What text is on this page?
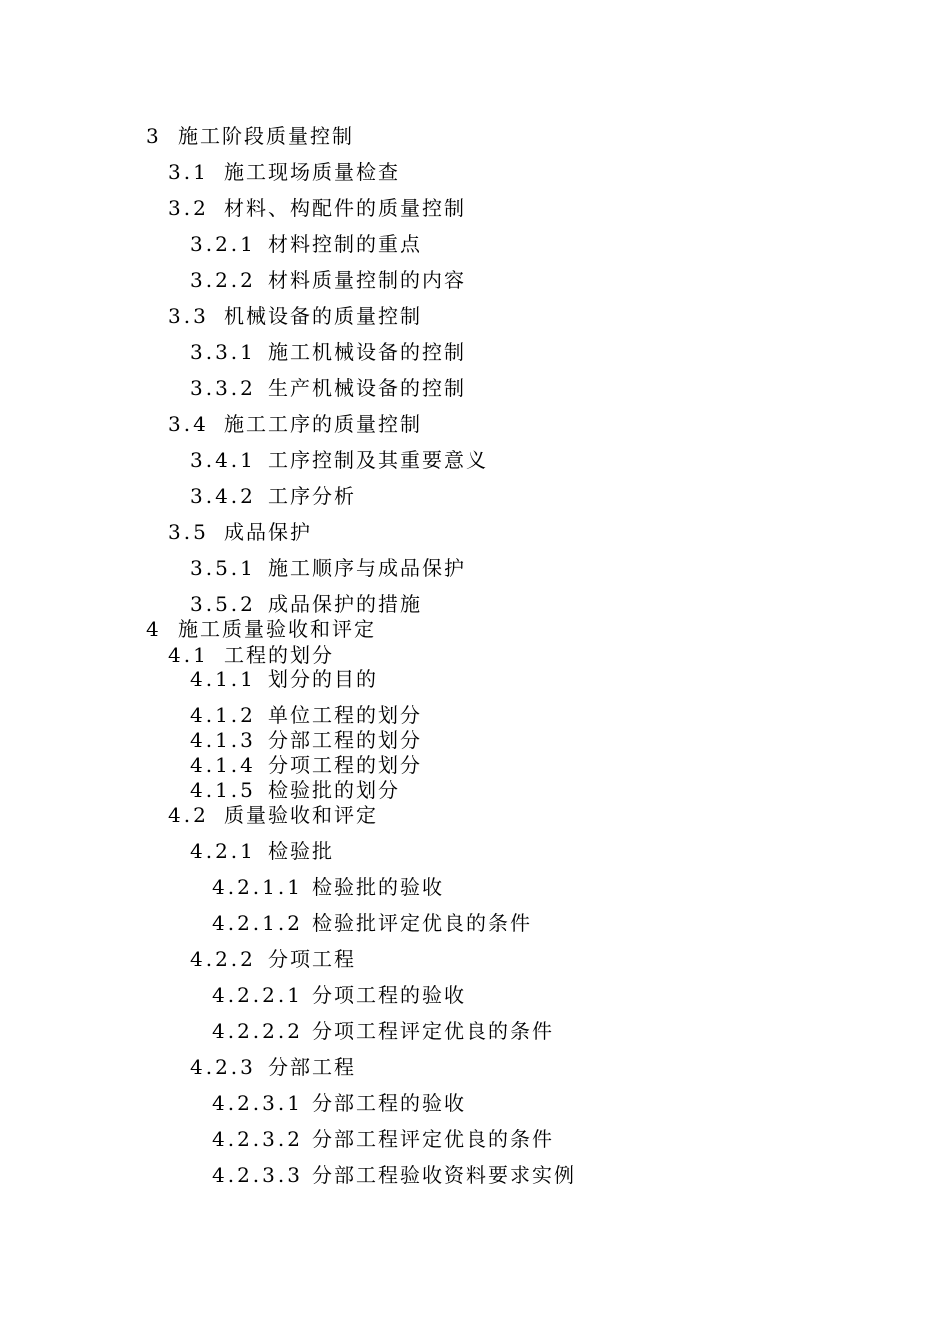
3 施工阶段质量控制
3.1 施工现场质量检查
3.2 材料、构配件的质量控制
3.2.1 材料控制的重点
3.2.2 材料质量控制的内容
3.3 机械设备的质量控制
3.3.1 施工机械设备的控制
3.3.2 生产机械设备的控制
3.4 施工工序的质量控制
3.4.1 工序控制及其重要意义
3.4.2 工序分析
3.5 成品保护
3.5.1 施工顺序与成品保护
3.5.2 成品保护的措施
4 施工质量验收和评定
4.1 工程的划分
4.1.1 划分的目的
4.1.2 单位工程的划分
4.1.3 分部工程的划分
4.1.4 分项工程的划分
4.1.5 检验批的划分
4.2 质量验收和评定
4.2.1 检验批
4.2.1.1 检验批的验收
4.2.1.2 检验批评定优良的条件
4.2.2 分项工程
4.2.2.1 分项工程的验收
4.2.2.2 分项工程评定优良的条件
4.2.3 分部工程
4.2.3.1 分部工程的验收
4.2.3.2 分部工程评定优良的条件
4.2.3.3 分部工程验收资料要求实例
